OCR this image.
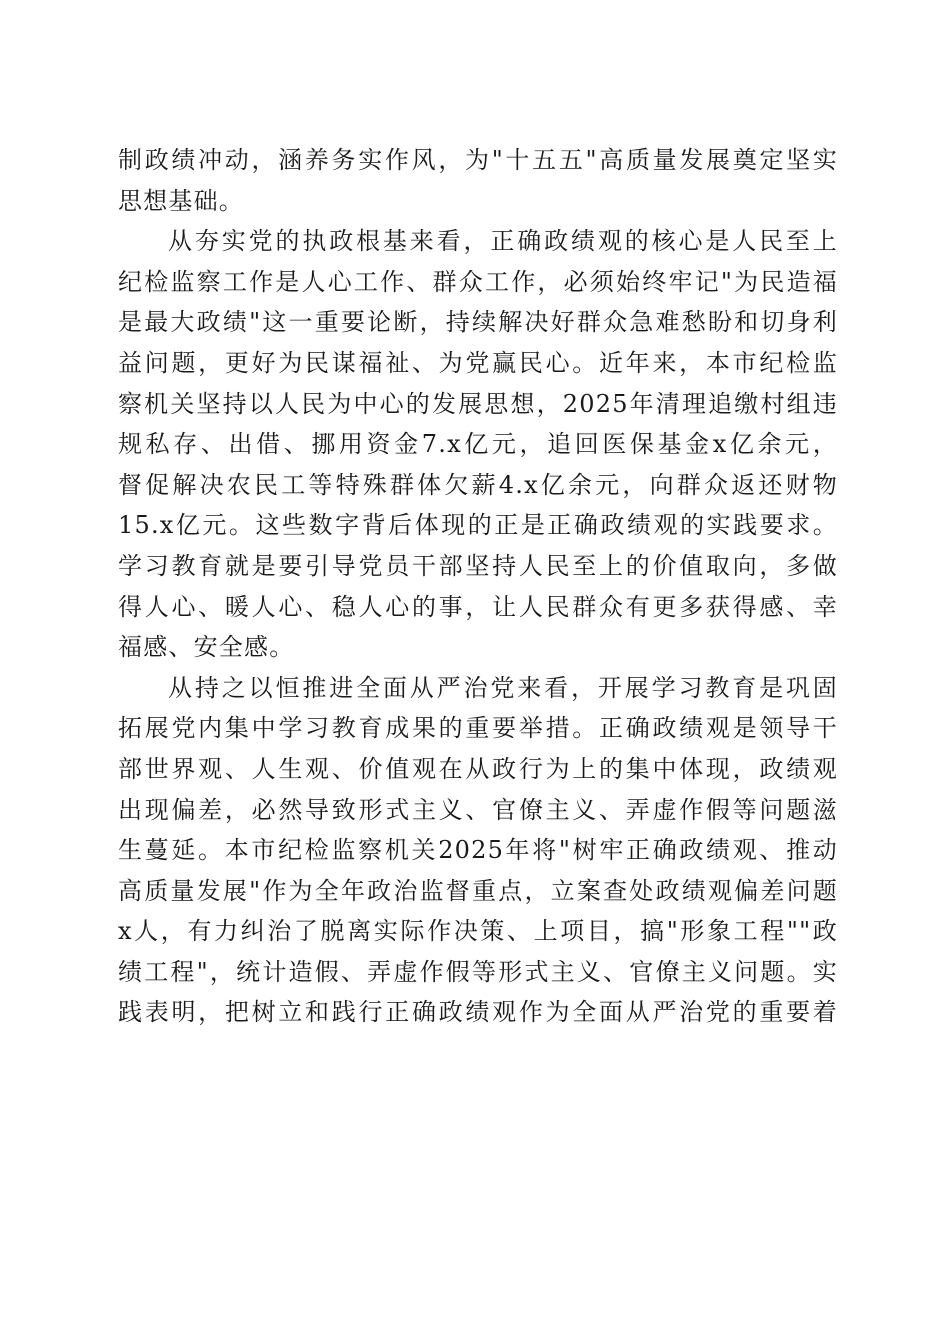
制政绩冲动，涵养务实作风，为"十五五"高质量发展奠定坚实
思想基础。
从夯实党的执政根基来看，正确政绩观的核心是人民至上
纪检监察工作是人心工作、群众工作，必须始终牢记"为民造福
是最大政绩"这一重要论断，持续解决好群众急难愁盼和切身利
益问题，更好为民谋福祉、为党赢民心。近年来，本市纪检监
察机关坚持以人民为中心的发展思想，2025年清理追缴村组违
规私存、出借、挪用资金7.x亿元，追回医保基金x亿余元，
督促解决农民工等特殊群体欠薪4.x亿余元，向群众返还财物
15.x亿元。这些数字背后体现的正是正确政绩观的实践要求。
学习教育就是要引导党员干部坚持人民至上的价值取向，多做
得人心、暖人心、稳人心的事，让人民群众有更多获得感、幸
福感、安全感。
从持之以恒推进全面从严治党来看，开展学习教育是巩固
拓展党内集中学习教育成果的重要举措。正确政绩观是领导干
部世界观、人生观、价值观在从政行为上的集中体现，政绩观
出现偏差，必然导致形式主义、官僚主义、弄虚作假等问题滋
生蔓延。本市纪检监察机关2025年将"树牢正确政绩观、推动
高质量发展"作为全年政治监督重点，立案查处政绩观偏差问题
x人，有力纠治了脱离实际作决策、上项目，搞"形象工程""政
绩工程"，统计造假、弄虚作假等形式主义、官僚主义问题。实
践表明，把树立和践行正确政绩观作为全面从严治党的重要着
